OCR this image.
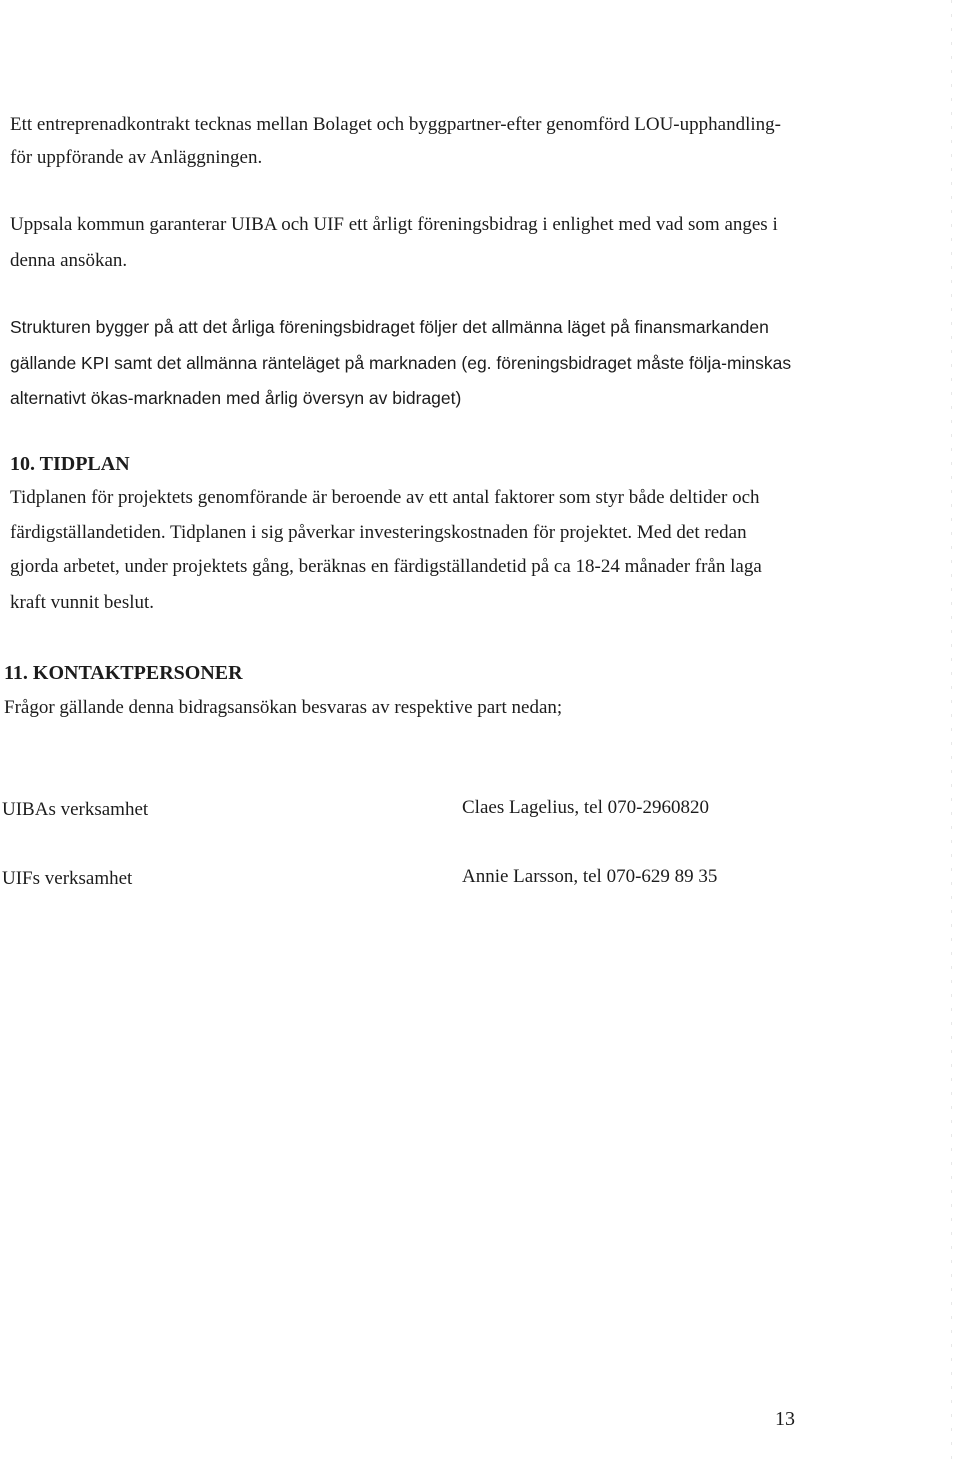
Ett entreprenadkontrakt tecknas mellan Bolaget och byggpartner-efter genomförd LOU-upphandling-
för uppförande av Anläggningen.
Uppsala kommun garanterar UIBA och UIF ett årligt föreningsbidrag i enlighet med vad som anges i
denna ansökan.
Strukturen bygger på att det årliga föreningsbidraget följer det allmänna läget på finansmarkanden
gällande KPI samt det allmänna ränteläget på marknaden (eg. föreningsbidraget måste följa-minskas
alternativt ökas-marknaden med årlig översyn av bidraget)
10. TIDPLAN
Tidplanen för projektets genomförande är beroende av ett antal faktorer som styr både deltider och
färdigställandetiden. Tidplanen i sig påverkar investeringskostnaden för projektet. Med det redan
gjorda arbetet, under projektets gång, beräknas en färdigställandetid på ca 18-24 månader från laga
kraft vunnit beslut.
11. KONTAKTPERSONER
Frågor gällande denna bidragsansökan besvaras av respektive part nedan;
UIBAs verksamhet	Claes Lagelius, tel 070-2960820
UIFs verksamhet	Annie Larsson, tel 070-629 89 35
13
